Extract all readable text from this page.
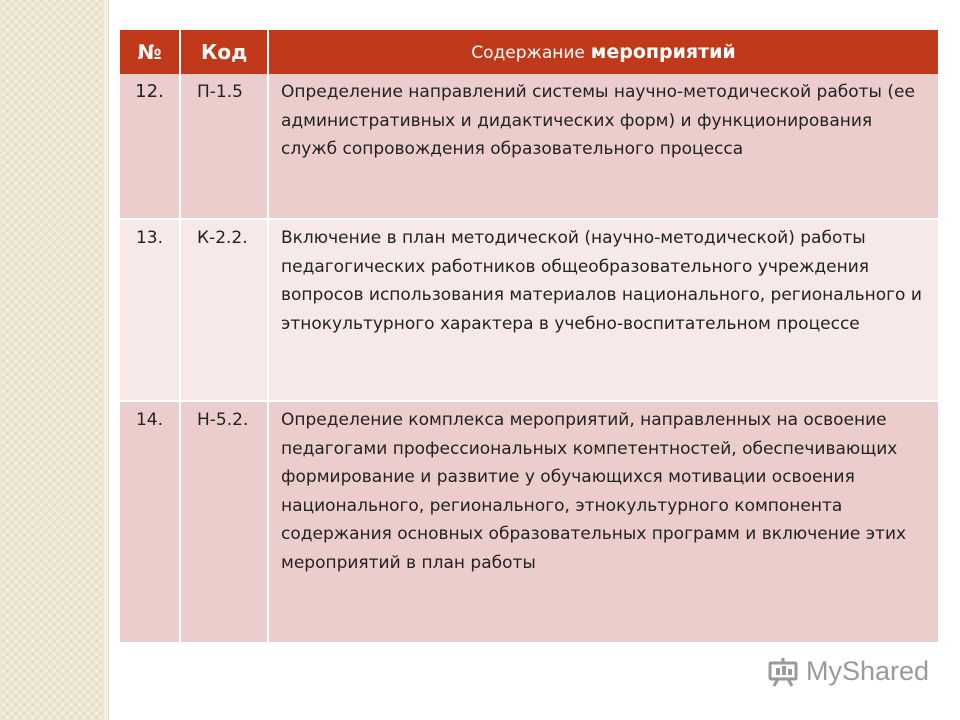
№	Код	Содержание мероприятий
12.	П-1.5	Определение направлений системы научно-методической работы (ее административных и дидактических форм) и функционирования служб сопровождения образовательного процесса
13.	К-2.2.	Включение в план методической (научно-методической) работы педагогических работников общеобразовательного учреждения вопросов использования материалов национального, регионального и этнокультурного характера в учебно-воспитательном процессе
14.	Н-5.2.	Определение комплекса мероприятий, направленных на освоение педагогами профессиональных компетентностей, обеспечивающих формирование и развитие у обучающихся мотивации освоения национального, регионального, этнокультурного компонента содержания основных образовательных программ и включение этих мероприятий в план работы
MyShared
